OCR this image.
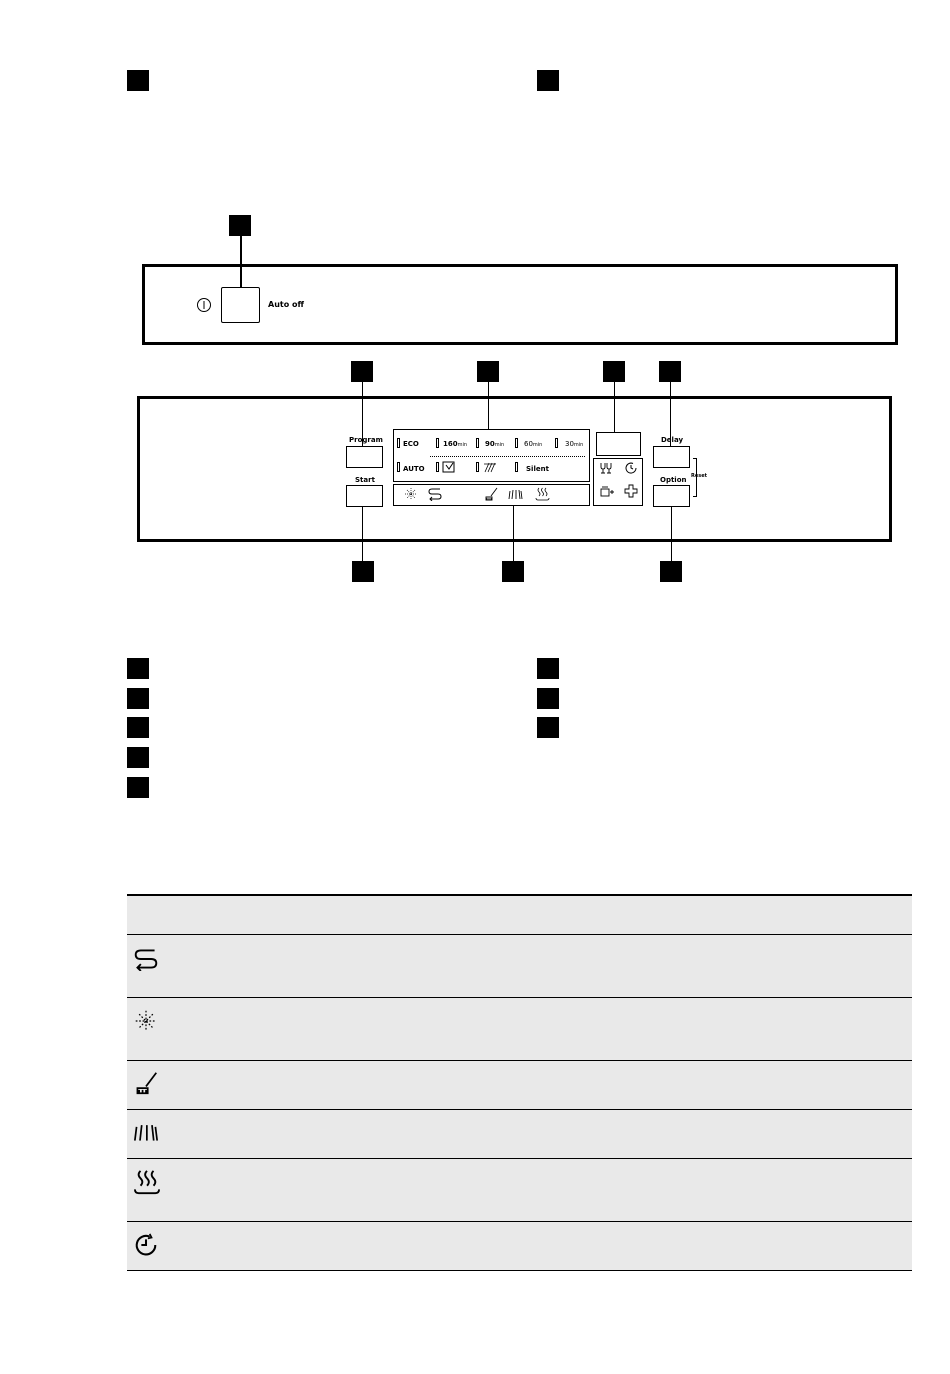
Auto off
Program
Start
ECO	160min	90min	60min	30min
AUTO	Silent
Delay
Option Reset
